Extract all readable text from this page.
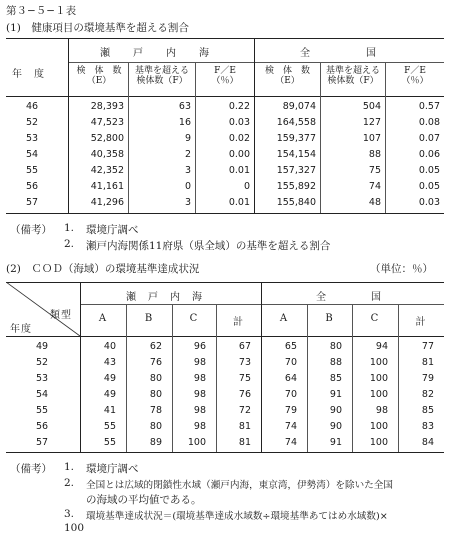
第３−５−１表
(1)　健康項目の環境基準を超える割合
年　度
瀬　　戸　　内　　海	全　　　　　国
検　体　数
（E）
基準を超える
検体数（F）
F／E
（％）
検　体　数
（E）
基準を超える
検体数（F）
F／E
（％）
46	28,393	63	0.22	89,074	504	0.57
52	47,523	16	0.03	164,558	127	0.08
53	52,800	9	0.02	159,377	107	0.07
54	40,358	2	0.00	154,154	88	0.06
55	42,352	3	0.01	157,327	75	0.05
56	41,161	0	0	155,892	74	0.05
57	41,296	3	0.01	155,840	48	0.03
（備考） 1. 環境庁調べ
2. 瀬戸内海関係11府県（県全域）の基準を超える割合
(2)　ＣＯＤ（海域）の環境基準達成状況	（単位：％）
類型
年度
瀬　戸　内　海	全　　　　国
A	B	C	計	A	B	C	計
49	40	62	96	67	65	80	94	77
52	43	76	98	73	70	88	100	81
53	49	80	98	75	64	85	100	79
54	49	80	98	76	70	91	100	82
55	41	78	98	72	79	90	98	85
56	55	80	98	81	74	90	100	83
57	55	89	100	81	74	91	100	84
（備考） 1. 環境庁調べ
2. 全国とは広域的閉鎖性水域（瀬戸内海，東京湾，伊勢湾）を除いた全国
の海域の平均値である。
3. 環境基準達成状況＝(環境基準達成水域数÷環境基準あてはめ水域数)×
100
